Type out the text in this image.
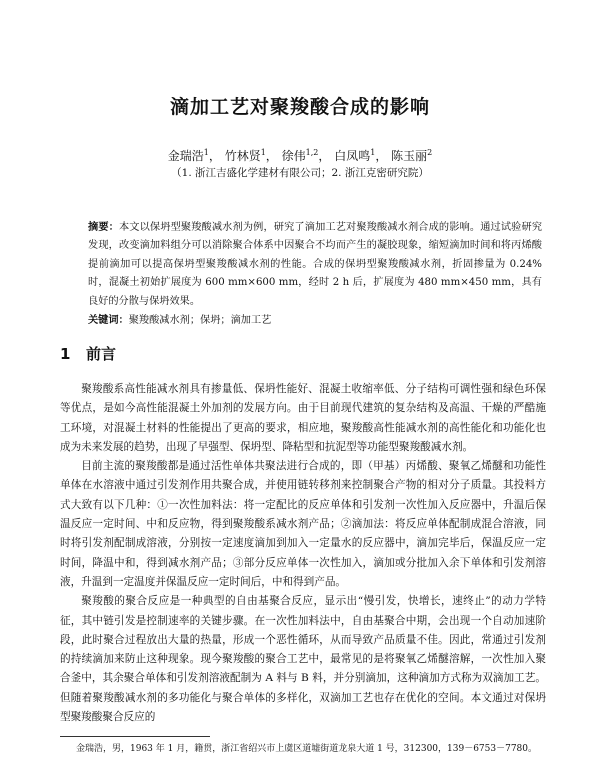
滴加工艺对聚羧酸合成的影响
金瑞浩$^1$， 竹林贤$^1$， 徐伟$^{1,2}$， 白凤鸣$^1$， 陈玉丽$^2$
（1. 浙江吉盛化学建材有限公司；2. 浙江克密研究院）
摘要：本文以保坍型聚羧酸减水剂为例，研究了滴加工艺对聚羧酸减水剂合成的影响。通过试验研究发现，改变滴加料组分可以消除聚合体系中因聚合不均而产生的凝胶现象，缩短滴加时间和将丙烯酸提前滴加可以提高保坍型聚羧酸减水剂的性能。合成的保坍型聚羧酸减水剂，折固掺量为 0.24% 时，混凝土初始扩展度为 600 mm×600 mm，经时 2 h 后，扩展度为 480 mm×450 mm，具有良好的分散与保坍效果。
关键词：聚羧酸减水剂；保坍；滴加工艺
1 前言

聚羧酸系高性能减水剂具有掺量低、保坍性能好、混凝土收缩率低、分子结构可调性强和绿色环保等优点，是如今高性能混凝土外加剂的发展方向。由于目前现代建筑的复杂结构及高温、干燥的严酷施工环境，对混凝土材料的性能提出了更高的要求，相应地，聚羧酸高性能减水剂的高性能化和功能化也成为未来发展的趋势，出现了早强型、保坍型、降粘型和抗泥型等功能型聚羧酸减水剂。

目前主流的聚羧酸都是通过活性单体共聚法进行合成的，即（甲基）丙烯酸、聚氧乙烯醚和功能性单体在水溶液中通过引发剂作用共聚合成，并使用链转移剂来控制聚合产物的相对分子质量。其投料方式大致有以下几种：①一次性加料法：将一定配比的反应单体和引发剂一次性加入反应器中，升温后保温反应一定时间、中和反应物，得到聚羧酸系减水剂产品；②滴加法：将反应单体配制成混合溶液，同时将引发剂配制成溶液，分别按一定速度滴加到加入一定量水的反应器中，滴加完毕后，保温反应一定时间，降温中和，得到减水剂产品；③部分反应单体一次性加入，滴加或分批加入余下单体和引发剂溶液，升温到一定温度并保温反应一定时间后，中和得到产品。

聚羧酸的聚合反应是一种典型的自由基聚合反应，显示出“慢引发，快增长，速终止”的动力学特征，其中链引发是控制速率的关键步骤。在一次性加料法中，自由基聚合中期，会出现一个自动加速阶段，此时聚合过程放出大量的热量，形成一个恶性循环，从而导致产品质量不佳。因此，常通过引发剂的持续滴加来防止这种现象。现今聚羧酸的聚合工艺中，最常见的是将聚氧乙烯醚溶解，一次性加入聚合釜中，其余聚合单体和引发剂溶液配制为 A 料与 B 料，并分别滴加，这种滴加方式称为双滴加工艺。但随着聚羧酸减水剂的多功能化与聚合单体的多样化，双滴加工艺也存在优化的空间。本文通过对保坍型聚羧酸聚合反应的

金瑞浩，男，1963 年 1 月，籍贯，浙江省绍兴市上虞区道墟街道龙泉大道 1 号，312300，139－6753－7780。
